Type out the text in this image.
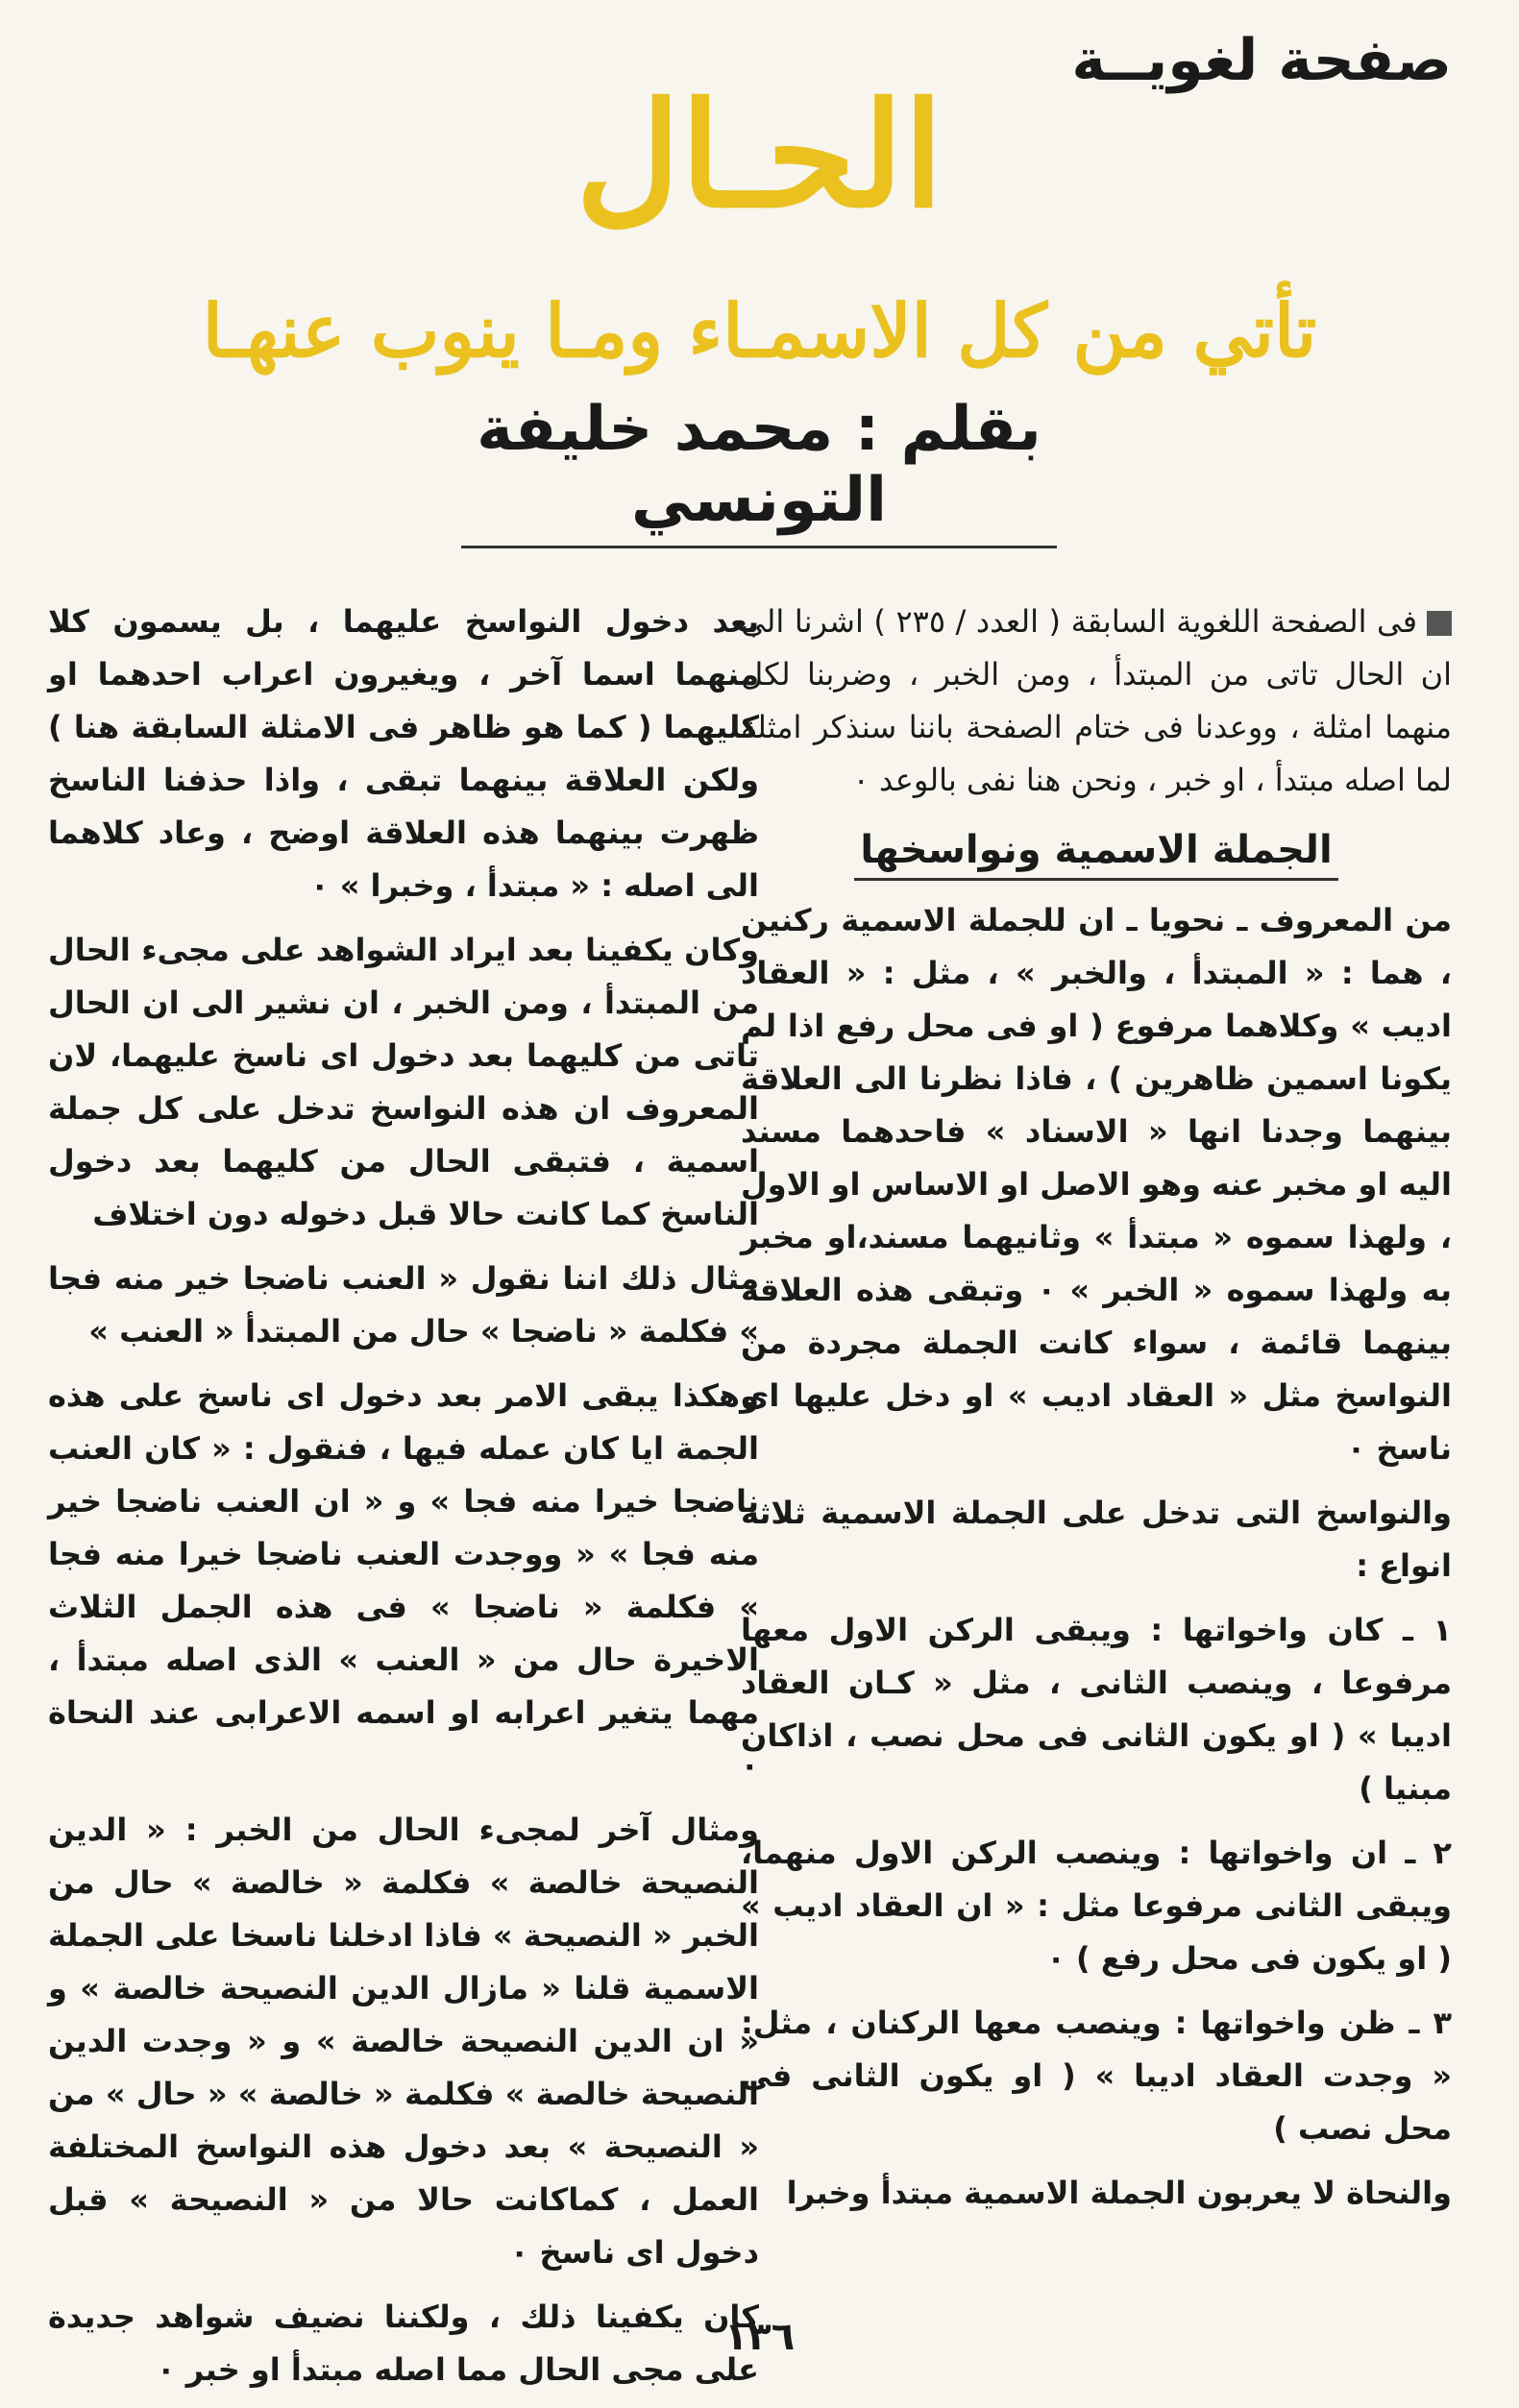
صفحة لغويــة
الحـال
تأتي من كل الاسمـاء ومـا ينوب عنهـا
بقلم : محمد خليفة التونسي

فى الصفحة اللغوية السابقة ( العدد / ٢٣٥ ) اشرنا الى ان الحال تاتى من المبتدأ ، ومن الخبر ، وضربنا لكل منهما امثلة ، ووعدنا فى ختام الصفحة باننا سنذكر امثلة لما اصله مبتدأ ، او خبر ، ونحن هنا نفى بالوعد ٠

الجملة الاسمية ونواسخها

من المعروف ـ نحويا ـ ان للجملة الاسمية ركنين ، هما : « المبتدأ ، والخبر » ، مثل : « العقاد اديب » وكلاهما مرفوع ( او فى محل رفع اذا لم يكونا اسمين ظاهرين ) ، فاذا نظرنا الى العلاقة بينهما وجدنا انها « الاسناد » فاحدهما مسند اليه او مخبر عنه وهو الاصل او الاساس او الاول ، ولهذا سموه « مبتدأ » وثانيهما مسند،او مخبر به ولهذا سموه « الخبر » ٠ وتبقى هذه العلاقة بينهما قائمة ، سواء كانت الجملة مجردة من النواسخ مثل « العقاد اديب » او دخل عليها اى ناسخ ٠

والنواسخ التى تدخل على الجملة الاسمية ثلاثة انواع :

١ ـ كان واخواتها : ويبقى الركن الاول معها مرفوعا ، وينصب الثانى ، مثل « كـان العقاد اديبا » ( او يكون الثانى فى محل نصب ، اذاكان مبنيا )

٢ ـ ان واخواتها : وينصب الركن الاول منهما، ويبقى الثانى مرفوعا مثل : « ان العقاد اديب » ( او يكون فى محل رفع ) ٠

٣ ـ ظن واخواتها : وينصب معها الركنان ، مثل: « وجدت العقاد اديبا » ( او يكون الثانى فى محل نصب )

والنحاة لا يعربون الجملة الاسمية مبتدأ وخبرا

بعد دخول النواسخ عليهما ، بل يسمون كلا منهما اسما آخر ، ويغيرون اعراب احدهما او كليهما ( كما هو ظاهر فى الامثلة السابقة هنا ) ولكن العلاقة بينهما تبقى ، واذا حذفنا الناسخ ظهرت بينهما هذه العلاقة اوضح ، وعاد كلاهما الى اصله : « مبتدأ ، وخبرا » ٠

وكان يكفينا بعد ايراد الشواهد على مجىء الحال من المبتدأ ، ومن الخبر ، ان نشير الى ان الحال تاتى من كليهما بعد دخول اى ناسخ عليهما، لان المعروف ان هذه النواسخ تدخل على كل جملة اسمية ، فتبقى الحال من كليهما بعد دخول الناسخ كما كانت حالا قبل دخوله دون اختلاف

مثال ذلك اننا نقول « العنب ناضجا خير منه فجا » فكلمة « ناضجا » حال من المبتدأ « العنب »

وهكذا يبقى الامر بعد دخول اى ناسخ على هذه الجمة ايا كان عمله فيها ، فنقول : « كان العنب ناضجا خيرا منه فجا » و « ان العنب ناضجا خير منه فجا » « ووجدت العنب ناضجا خيرا منه فجا » فكلمة « ناضجا » فى هذه الجمل الثلاث الاخيرة حال من « العنب » الذى اصله مبتدأ ، مهما يتغير اعرابه او اسمه الاعرابى عند النحاة ٠

ومثال آخر لمجىء الحال من الخبر : « الدين النصيحة خالصة » فكلمة « خالصة » حال من الخبر « النصيحة » فاذا ادخلنا ناسخا على الجملة الاسمية قلنا « مازال الدين النصيحة خالصة » و « ان الدين النصيحة خالصة » و « وجدت الدين النصيحة خالصة » فكلمة « خالصة » « حال » من « النصيحة » بعد دخول هذه النواسخ المختلفة العمل ، كماكانت حالا من « النصيحة » قبل دخول اى ناسخ ٠

كان يكفينا ذلك ، ولكننا نضيف شواهد جديدة على مجى الحال مما اصله مبتدأ او خبر ٠

١٣٦
